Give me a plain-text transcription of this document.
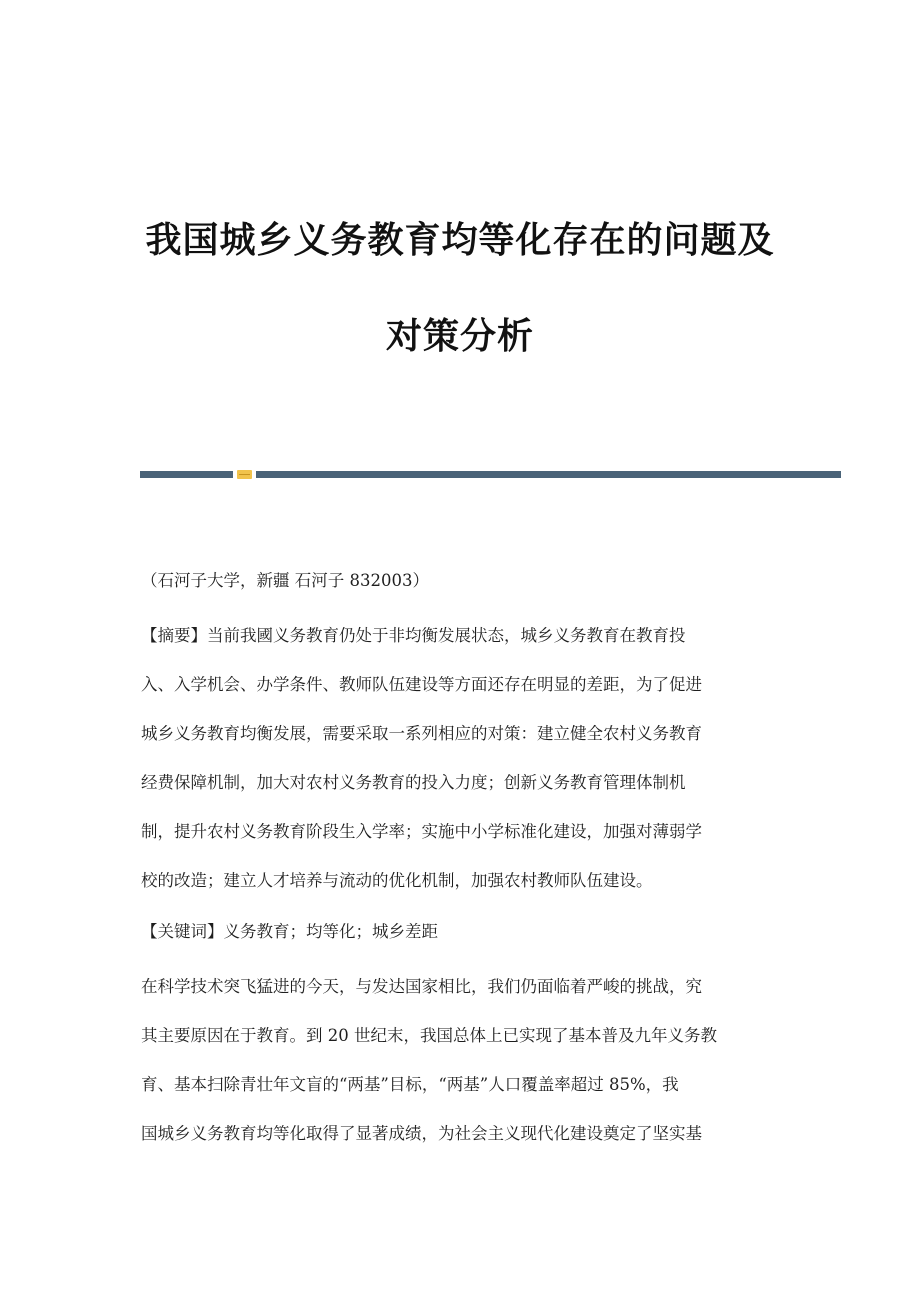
我国城乡义务教育均等化存在的问题及
对策分析
（石河子大学，新疆 石河子 832003）
【摘要】当前我國义务教育仍处于非均衡发展状态，城乡义务教育在教育投
入、入学机会、办学条件、教师队伍建设等方面还存在明显的差距，为了促进
城乡义务教育均衡发展，需要采取一系列相应的对策：建立健全农村义务教育
经费保障机制，加大对农村义务教育的投入力度；创新义务教育管理体制机
制，提升农村义务教育阶段生入学率；实施中小学标准化建设，加强对薄弱学
校的改造；建立人才培养与流动的优化机制，加强农村教师队伍建设。
【关键词】义务教育；均等化；城乡差距
在科学技术突飞猛进的今天，与发达国家相比，我们仍面临着严峻的挑战，究
其主要原因在于教育。到 20 世纪末，我国总体上已实现了基本普及九年义务教
育、基本扫除青壮年文盲的“两基”目标，“两基”人口覆盖率超过 85%，我
国城乡义务教育均等化取得了显著成绩，为社会主义现代化建设奠定了坚实基
